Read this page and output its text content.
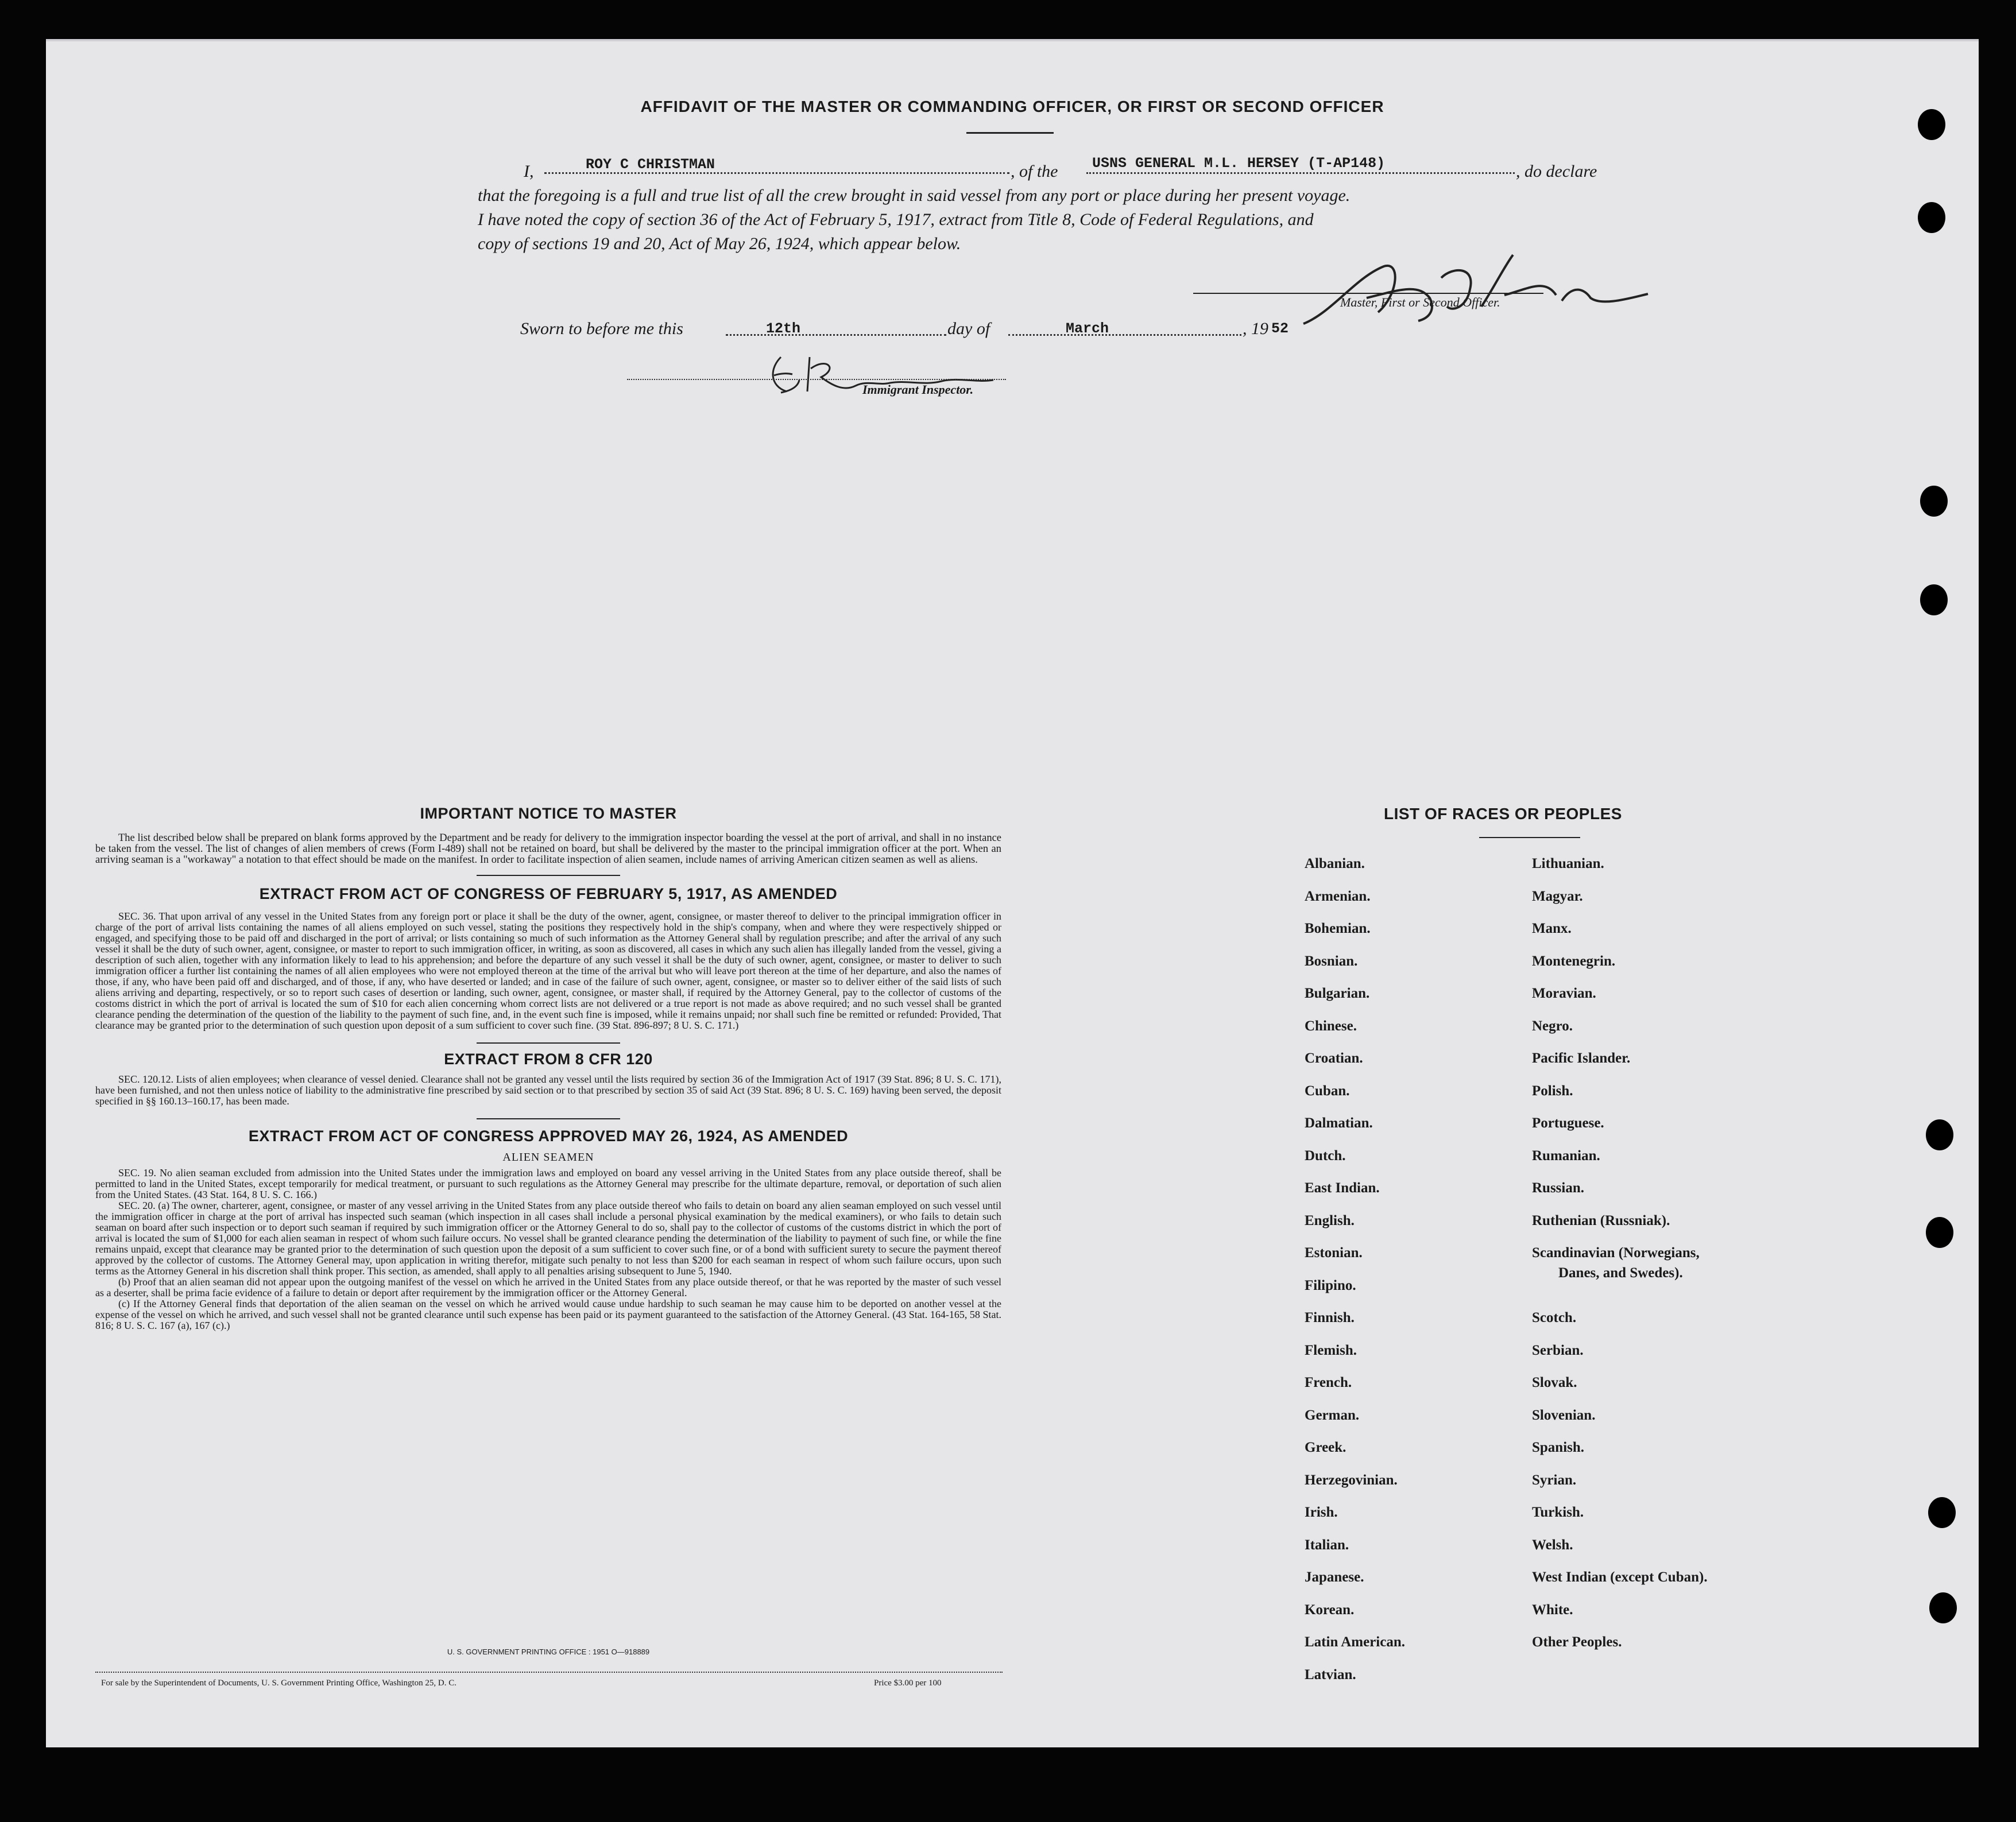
AFFIDAVIT OF THE MASTER OR COMMANDING OFFICER, OR FIRST OR SECOND OFFICER
I,	ROY C CHRISTMAN	, of the USNS GENERAL M.L. HERSEY (T-AP148)	, do declare
that the foregoing is a full and true list of all the crew brought in said vessel from any port or place during her present voyage.
I have noted the copy of section 36 of the Act of February 5, 1917, extract from Title 8, Code of Federal Regulations, and
copy of sections 19 and 20, Act of May 26, 1924, which appear below.
Master, First or Second Officer.
Sworn to before me this	12th	day of	March	, 19 52
Immigrant Inspector.
IMPORTANT NOTICE TO MASTER
The list described below shall be prepared on blank forms approved by the Department and be ready for delivery to the immigration inspector boarding the vessel at the port of arrival, and shall in no instance be taken from the vessel. The list of changes of alien members of crews (Form I-489) shall not be retained on board, but shall be delivered by the master to the principal immigration officer at the port. When an arriving seaman is a "workaway" a notation to that effect should be made on the manifest. In order to facilitate inspection of alien seamen, include names of arriving American citizen seamen as well as aliens.
EXTRACT FROM ACT OF CONGRESS OF FEBRUARY 5, 1917, AS AMENDED
SEC. 36. That upon arrival of any vessel in the United States from any foreign port or place it shall be the duty of the owner, agent, consignee, or master thereof to deliver to the principal immigration officer in charge of the port of arrival lists containing the names of all aliens employed on such vessel, stating the positions they respectively hold in the ship's company, when and where they were respectively shipped or engaged, and specifying those to be paid off and discharged in the port of arrival; or lists containing so much of such information as the Attorney General shall by regulation prescribe; and after the arrival of any such vessel it shall be the duty of such owner, agent, consignee, or master to report to such immigration officer, in writing, as soon as discovered, all cases in which any such alien has illegally landed from the vessel, giving a description of such alien, together with any information likely to lead to his apprehension; and before the departure of any such vessel it shall be the duty of such owner, agent, consignee, or master to deliver to such immigration officer a further list containing the names of all alien employees who were not employed thereon at the time of the arrival but who will leave port thereon at the time of her departure, and also the names of those, if any, who have been paid off and discharged, and of those, if any, who have deserted or landed; and in case of the failure of such owner, agent, consignee, or master so to deliver either of the said lists of such aliens arriving and departing, respectively, or so to report such cases of desertion or landing, such owner, agent, consignee, or master shall, if required by the Attorney General, pay to the collector of customs of the costoms district in which the port of arrival is located the sum of $10 for each alien concerning whom correct lists are not delivered or a true report is not made as above required; and no such vessel shall be granted clearance pending the determination of the question of the liability to the payment of such fine, and, in the event such fine is imposed, while it remains unpaid; nor shall such fine be remitted or refunded: Provided, That clearance may be granted prior to the determination of such question upon deposit of a sum sufficient to cover such fine. (39 Stat. 896-897; 8 U. S. C. 171.)
EXTRACT FROM 8 CFR 120
SEC. 120.12. Lists of alien employees; when clearance of vessel denied. Clearance shall not be granted any vessel until the lists required by section 36 of the Immigration Act of 1917 (39 Stat. 896; 8 U. S. C. 171), have been furnished, and not then unless notice of liability to the administrative fine prescribed by said section or to that prescribed by section 35 of said Act (39 Stat. 896; 8 U. S. C. 169) having been served, the deposit specified in §§ 160.13–160.17, has been made.
EXTRACT FROM ACT OF CONGRESS APPROVED MAY 26, 1924, AS AMENDED
ALIEN SEAMEN
SEC. 19. No alien seaman excluded from admission into the United States under the immigration laws and employed on board any vessel arriving in the United States from any place outside thereof, shall be permitted to land in the United States, except temporarily for medical treatment, or pursuant to such regulations as the Attorney General may prescribe for the ultimate departure, removal, or deportation of such alien from the United States. (43 Stat. 164, 8 U. S. C. 166.)
SEC. 20. (a) The owner, charterer, agent, consignee, or master of any vessel arriving in the United States from any place outside thereof who fails to detain on board any alien seaman employed on such vessel until the immigration officer in charge at the port of arrival has inspected such seaman (which inspection in all cases shall include a personal physical examination by the medical examiners), or who fails to detain such seaman on board after such inspection or to deport such seaman if required by such immigration officer or the Attorney General to do so, shall pay to the collector of customs of the customs district in which the port of arrival is located the sum of $1,000 for each alien seaman in respect of whom such failure occurs. No vessel shall be granted clearance pending the determination of the liability to payment of such fine, or while the fine remains unpaid, except that clearance may be granted prior to the determination of such question upon the deposit of a sum sufficient to cover such fine, or of a bond with sufficient surety to secure the payment thereof approved by the collector of customs. The Attorney General may, upon application in writing therefor, mitigate such penalty to not less than $200 for each seaman in respect of whom such failure occurs, upon such terms as the Attorney General in his discretion shall think proper. This section, as amended, shall apply to all penalties arising subsequent to June 5, 1940.
(b) Proof that an alien seaman did not appear upon the outgoing manifest of the vessel on which he arrived in the United States from any place outside thereof, or that he was reported by the master of such vessel as a deserter, shall be prima facie evidence of a failure to detain or deport after requirement by the immigration officer or the Attorney General.
(c) If the Attorney General finds that deportation of the alien seaman on the vessel on which he arrived would cause undue hardship to such seaman he may cause him to be deported on another vessel at the expense of the vessel on which he arrived, and such vessel shall not be granted clearance until such expense has been paid or its payment guaranteed to the satisfaction of the Attorney General. (43 Stat. 164-165, 58 Stat. 816; 8 U. S. C. 167 (a), 167 (c).)
U. S. GOVERNMENT PRINTING OFFICE : 1951 O—918889
For sale by the Superintendent of Documents, U. S. Government Printing Office, Washington 25, D. C.	Price $3.00 per 100
LIST OF RACES OR PEOPLES
Albanian.
Armenian.
Bohemian.
Bosnian.
Bulgarian.
Chinese.
Croatian.
Cuban.
Dalmatian.
Dutch.
East Indian.
English.
Estonian.
Filipino.
Finnish.
Flemish.
French.
German.
Greek.
Herzegovinian.
Irish.
Italian.
Japanese.
Korean.
Latin American.
Latvian.
Lithuanian.
Magyar.
Manx.
Montenegrin.
Moravian.
Negro.
Pacific Islander.
Polish.
Portuguese.
Rumanian.
Russian.
Ruthenian (Russniak).
Scandinavian (Norwegians,
Scotch.
Serbian.
Slovak.
Slovenian.
Spanish.
Syrian.
Turkish.
Welsh.
West Indian (except Cuban).
White.
Other Peoples.
Danes, and Swedes).
